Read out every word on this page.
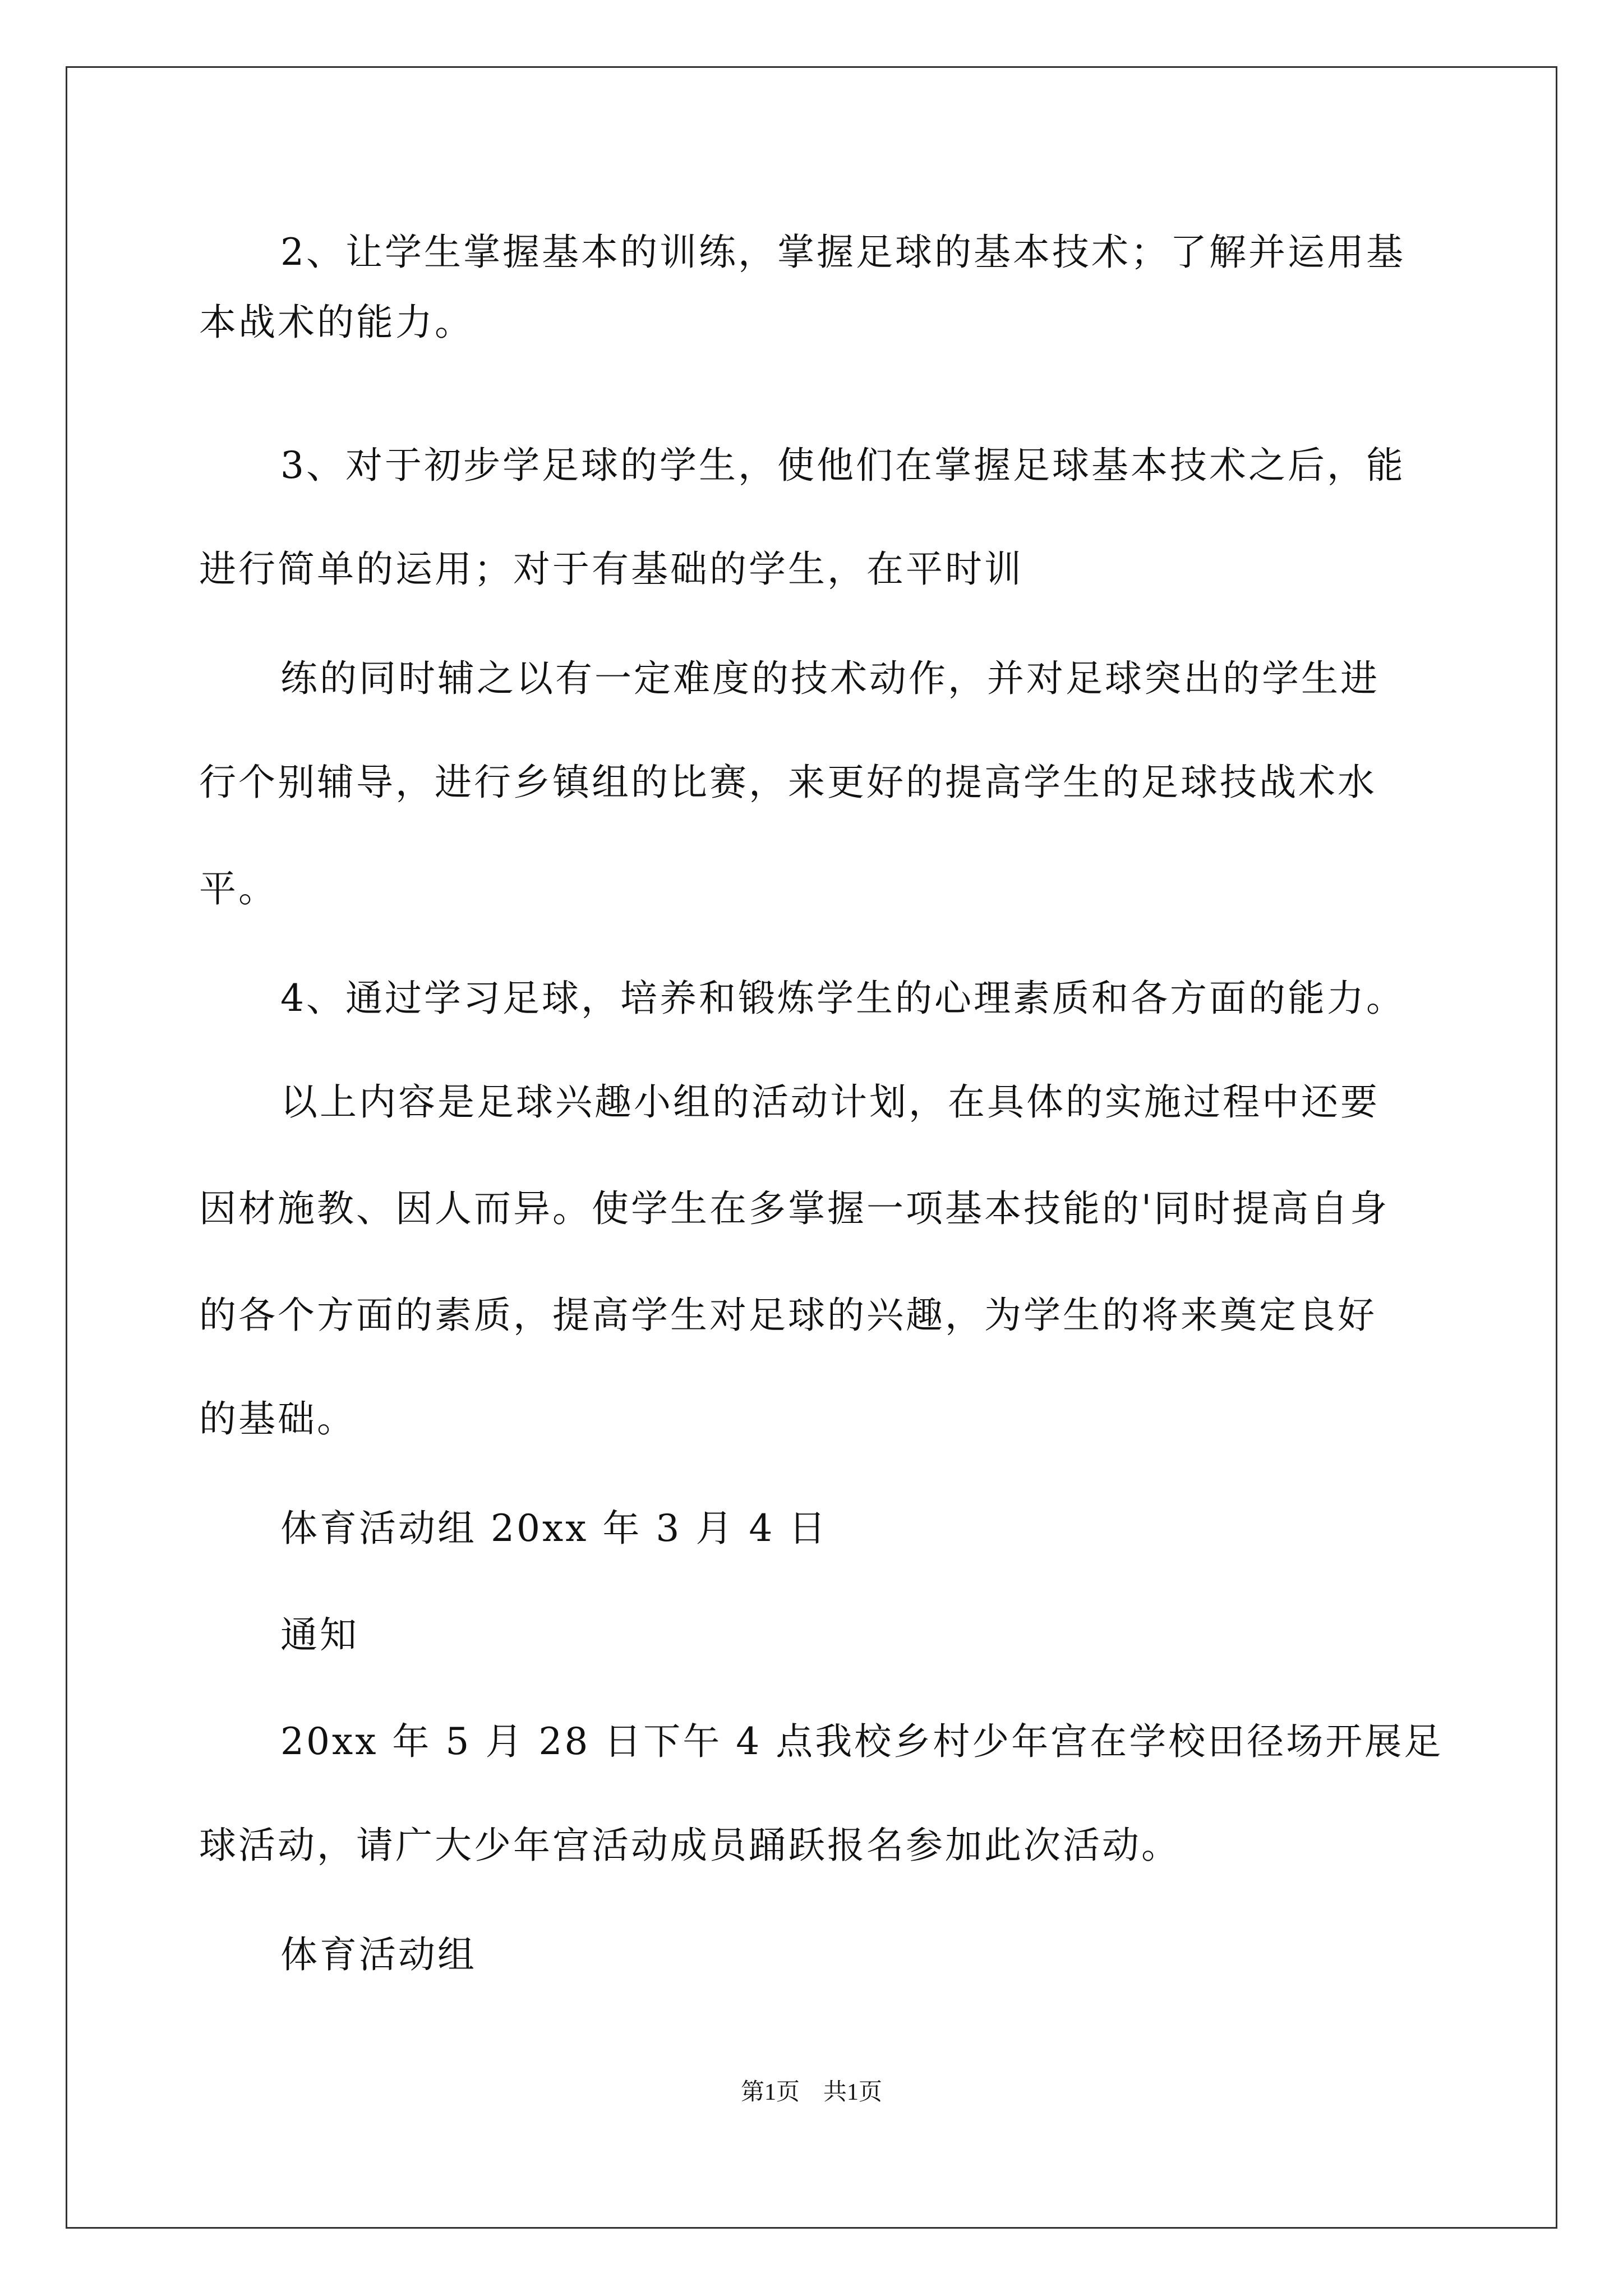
2、让学生掌握基本的训练，掌握足球的基本技术；了解并运用基
本战术的能力。
3、对于初步学足球的学生，使他们在掌握足球基本技术之后，能
进行简单的运用；对于有基础的学生，在平时训
练的同时辅之以有一定难度的技术动作，并对足球突出的学生进
行个别辅导，进行乡镇组的比赛，来更好的提高学生的足球技战术水
平。
4、通过学习足球，培养和锻炼学生的心理素质和各方面的能力。
以上内容是足球兴趣小组的活动计划，在具体的实施过程中还要
因材施教、因人而异。使学生在多掌握一项基本技能的'同时提高自身
的各个方面的素质，提高学生对足球的兴趣，为学生的将来奠定良好
的基础。
体育活动组 20xx 年 3 月 4 日
通知
20xx 年 5 月 28 日下午 4 点我校乡村少年宫在学校田径场开展足
球活动，请广大少年宫活动成员踊跃报名参加此次活动。
体育活动组
第1页　共1页
